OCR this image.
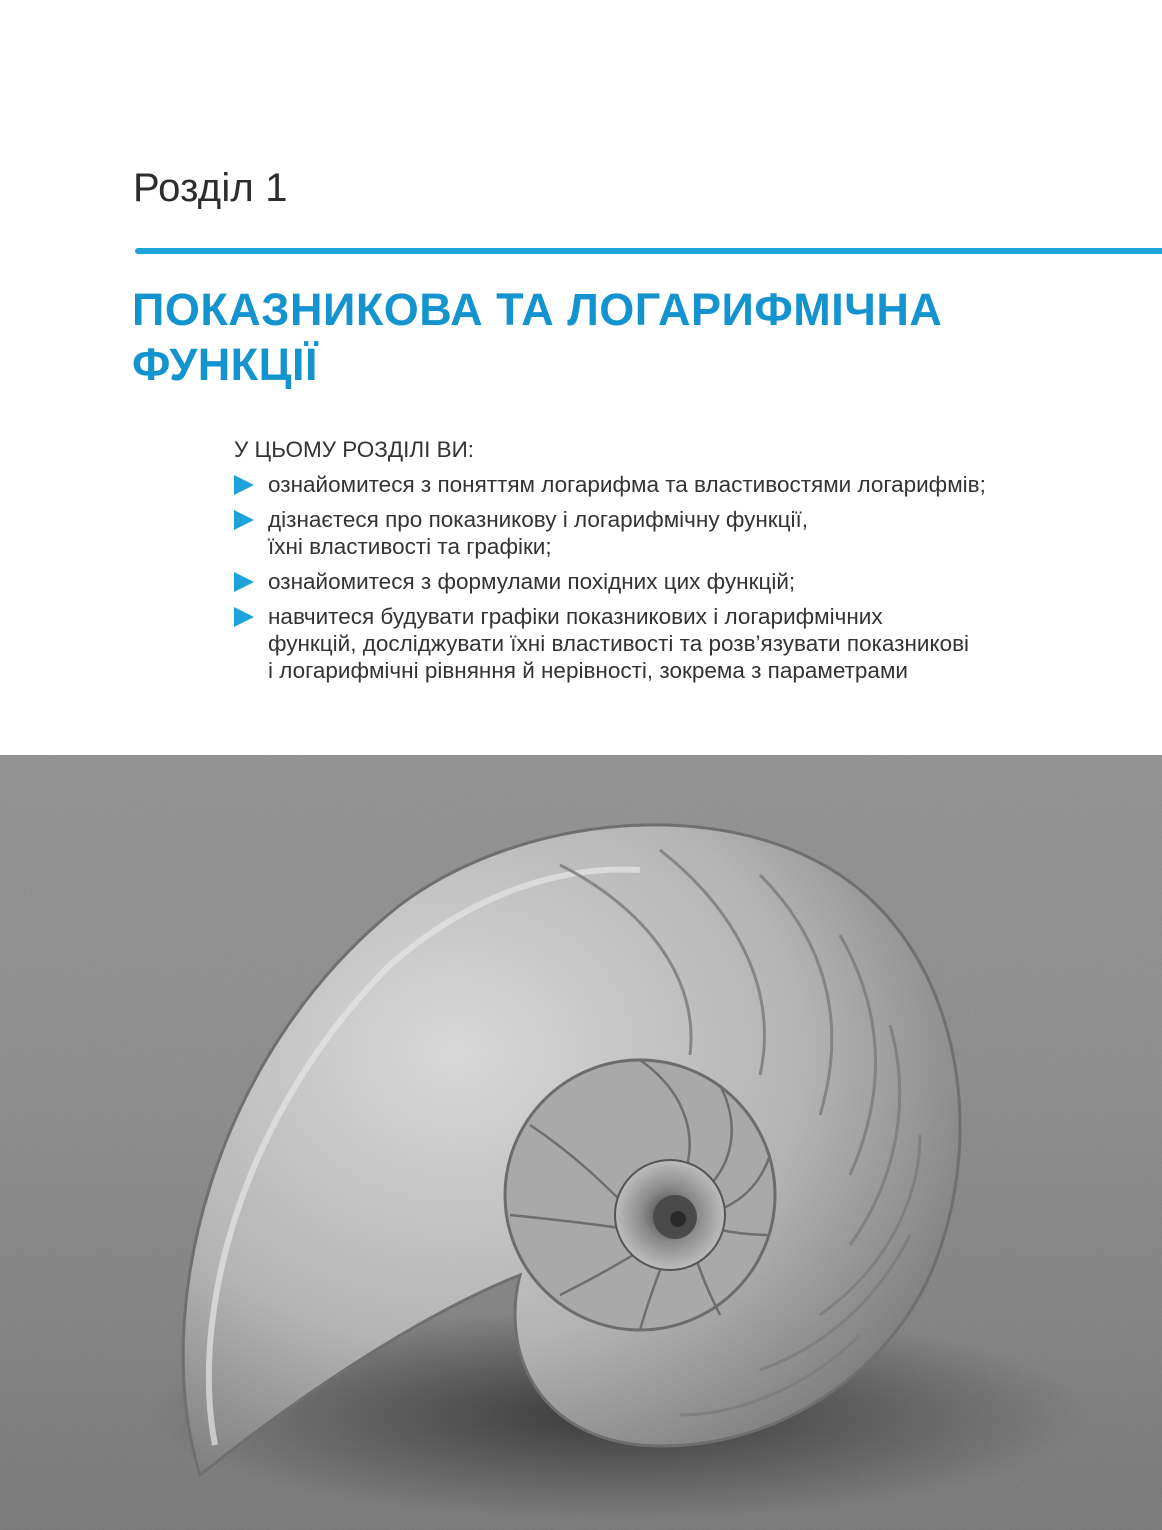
Розділ 1
ПОКАЗНИКОВА ТА ЛОГАРИФМІЧНА
ФУНКЦІЇ

У ЦЬОМУ РОЗДІЛІ ВИ:

ознайомитеся з поняттям логарифма та властивостями логарифмів;
дізнаєтеся про показникову і логарифмічну функції,
їхні властивості та графіки;
ознайомитеся з формулами похідних цих функцій;
навчитеся будувати графіки показникових і логарифмічних
функцій, досліджувати їхні властивості та розв’язувати показникові
і логарифмічні рівняння й нерівності, зокрема з параметрами
